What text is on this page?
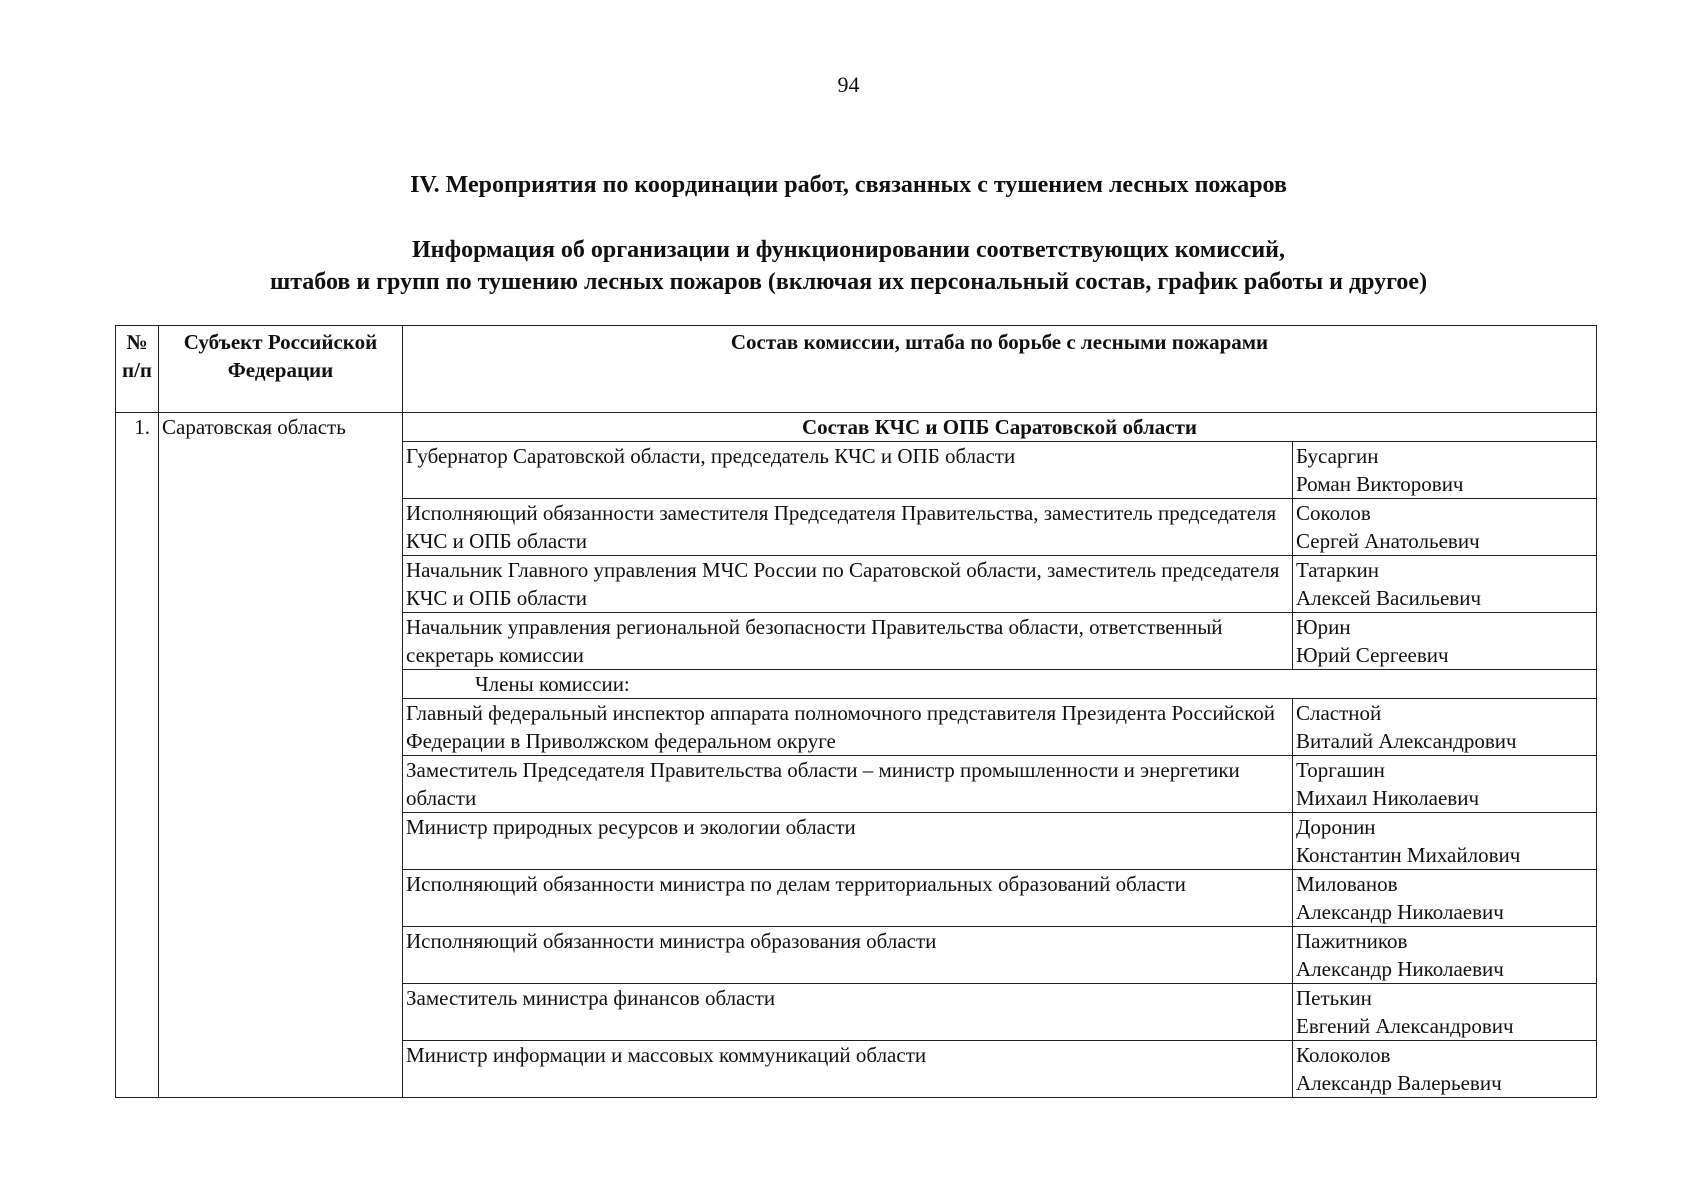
94
IV. Мероприятия по координации работ, связанных с тушением лесных пожаров
Информация об организации и функционировании соответствующих комиссий,
штабов и групп по тушению лесных пожаров (включая их персональный состав, график работы и другое)
№ п/п	Субъект Российской Федерации	Состав комиссии, штаба по борьбе с лесными пожарами	
1.	Саратовская область	Состав КЧС и ОПБ Саратовской области	
		Губернатор Саратовской области, председатель КЧС и ОПБ области	Бусаргин
Роман Викторович

		Исполняющий обязанности заместителя Председателя Правительства, заместитель председателя КЧС и ОПБ области	Соколов
Сергей Анатольевич

		Начальник Главного управления МЧС России по Саратовской области, заместитель председателя КЧС и ОПБ области	Татаркин
Алексей Васильевич

		Начальник управления региональной безопасности Правительства области, ответственный секретарь комиссии	Юрин
Юрий Сергеевич

		Члены комиссии:	
		Главный федеральный инспектор аппарата полномочного представителя Президента Российской Федерации в Приволжском федеральном округе	Сластной
Виталий Александрович

		Заместитель Председателя Правительства области – министр промышленности и энергетики области	Торгашин
Михаил Николаевич

		Министр природных ресурсов и экологии области	Доронин
Константин Михайлович

		Исполняющий обязанности министра по делам территориальных образований области	Милованов
Александр Николаевич

		Исполняющий обязанности министра образования области	Пажитников
Александр Николаевич

		Заместитель министра финансов области	Петькин
Евгений Александрович

		Министр информации и массовых коммуникаций области	Колоколов
Александр Валерьевич
